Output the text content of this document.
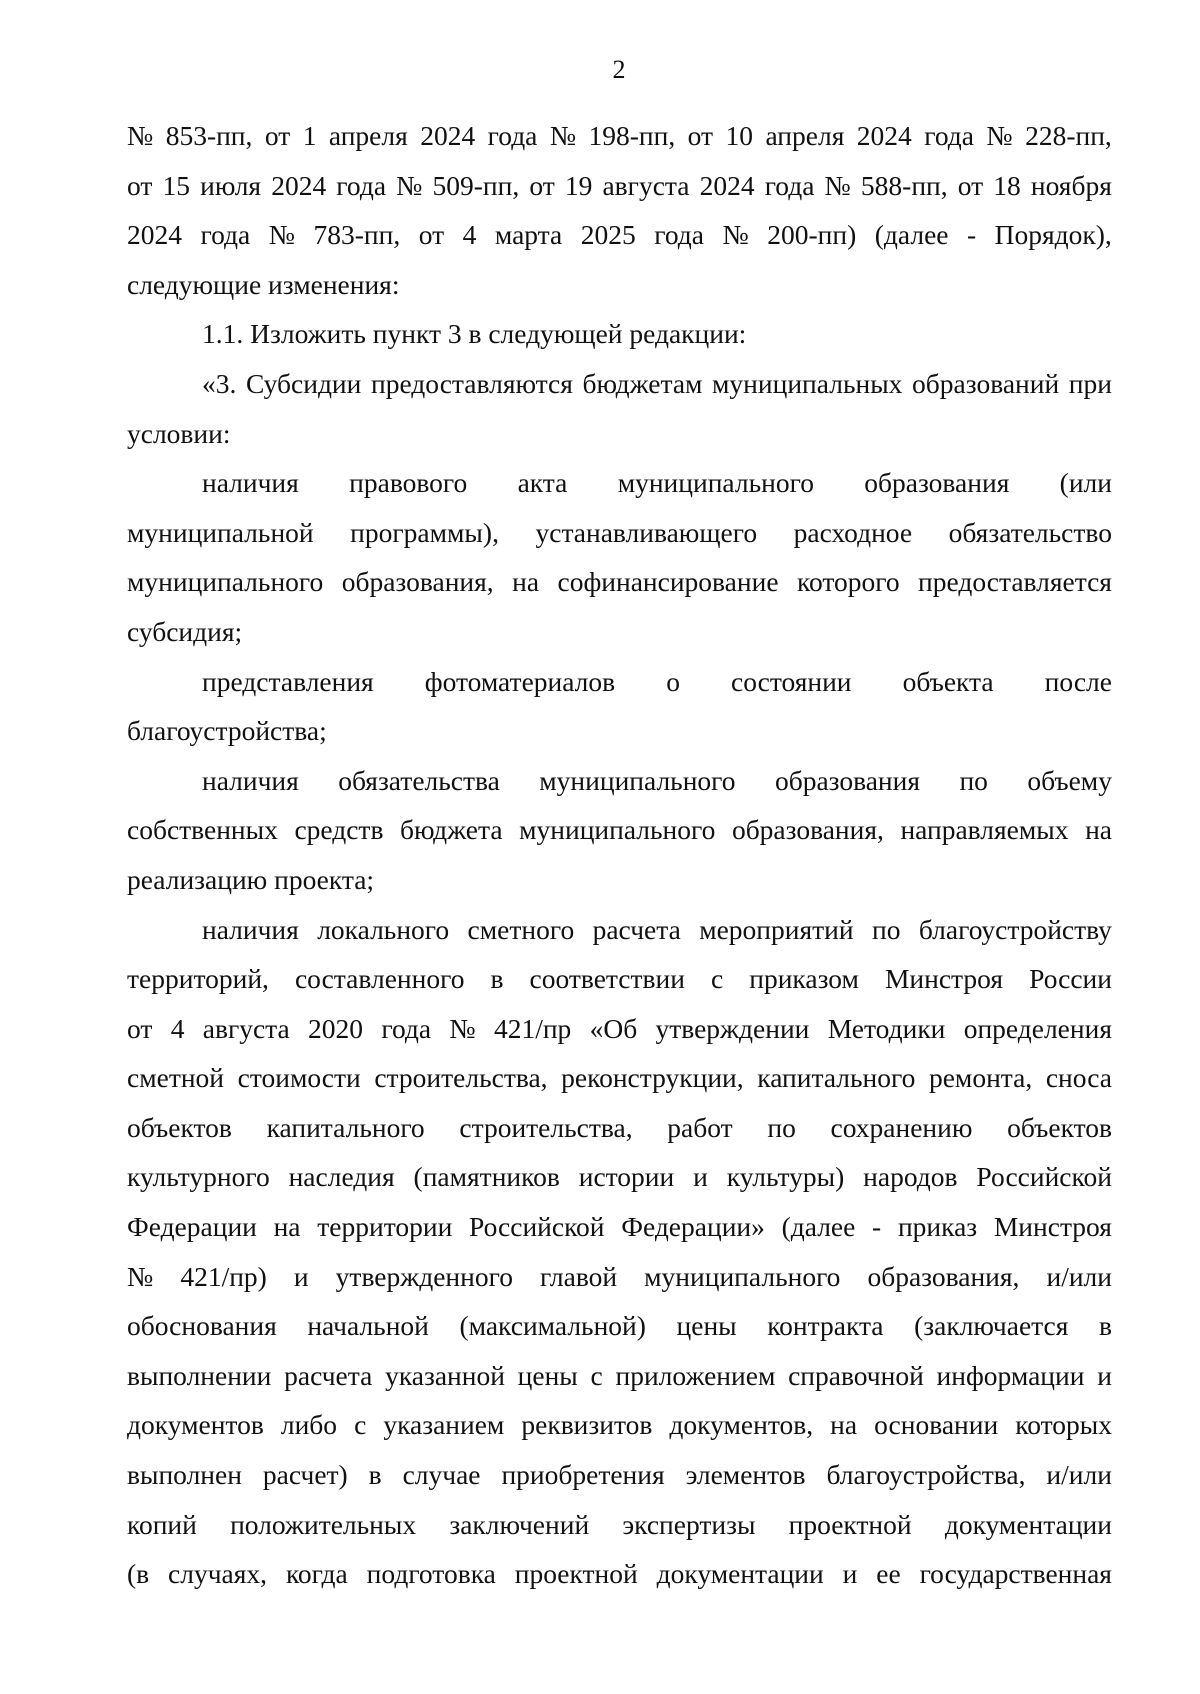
2
№ 853-пп, от 1 апреля 2024 года № 198-пп, от 10 апреля 2024 года № 228-пп,
от 15 июля 2024 года № 509-пп, от 19 августа 2024 года № 588-пп, от 18 ноября
2024 года № 783-пп, от 4 марта 2025 года № 200-пп) (далее - Порядок),
следующие изменения:
1.1. Изложить пункт 3 в следующей редакции:
«3. Субсидии предоставляются бюджетам муниципальных образований при
условии:
наличия правового акта муниципального образования (или
муниципальной программы), устанавливающего расходное обязательство
муниципального образования, на софинансирование которого предоставляется
субсидия;
представления фотоматериалов о состоянии объекта после
благоустройства;
наличия обязательства муниципального образования по объему
собственных средств бюджета муниципального образования, направляемых на
реализацию проекта;
наличия локального сметного расчета мероприятий по благоустройству
территорий, составленного в соответствии с приказом Минстроя России
от 4 августа 2020 года № 421/пр «Об утверждении Методики определения
сметной стоимости строительства, реконструкции, капитального ремонта, сноса
объектов капитального строительства, работ по сохранению объектов
культурного наследия (памятников истории и культуры) народов Российской
Федерации на территории Российской Федерации» (далее - приказ Минстроя
№ 421/пр) и утвержденного главой муниципального образования, и/или
обоснования начальной (максимальной) цены контракта (заключается в
выполнении расчета указанной цены с приложением справочной информации и
документов либо с указанием реквизитов документов, на основании которых
выполнен расчет) в случае приобретения элементов благоустройства, и/или
копий положительных заключений экспертизы проектной документации
(в случаях, когда подготовка проектной документации и ее государственная
